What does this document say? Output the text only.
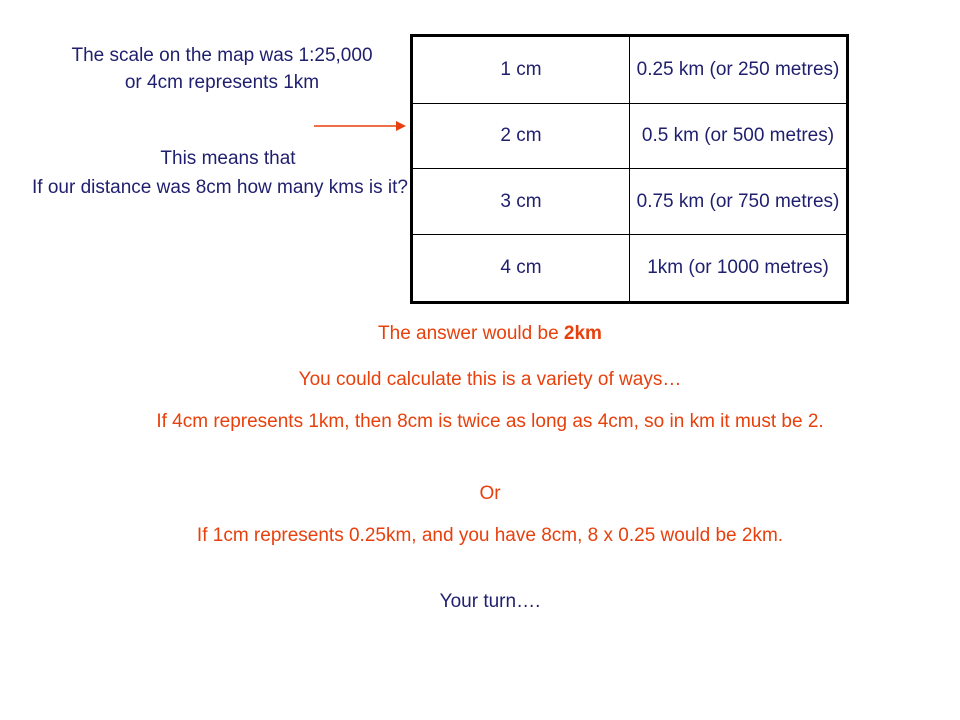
The scale on the map was 1:25,000 or 4cm represents 1km
This means that
If our distance was 8cm how many kms is it?
1 cm	0.25 km (or 250 metres)
2 cm	0.5 km (or 500 metres)
3 cm	0.75 km (or 750 metres)
4 cm	1km (or 1000 metres)
The answer would be 2km
You could calculate this is a variety of ways…
If 4cm represents 1km, then 8cm is twice as long as 4cm, so in km it must be 2.
Or
If 1cm represents 0.25km, and you have 8cm, 8 x 0.25 would be 2km.
Your turn….
